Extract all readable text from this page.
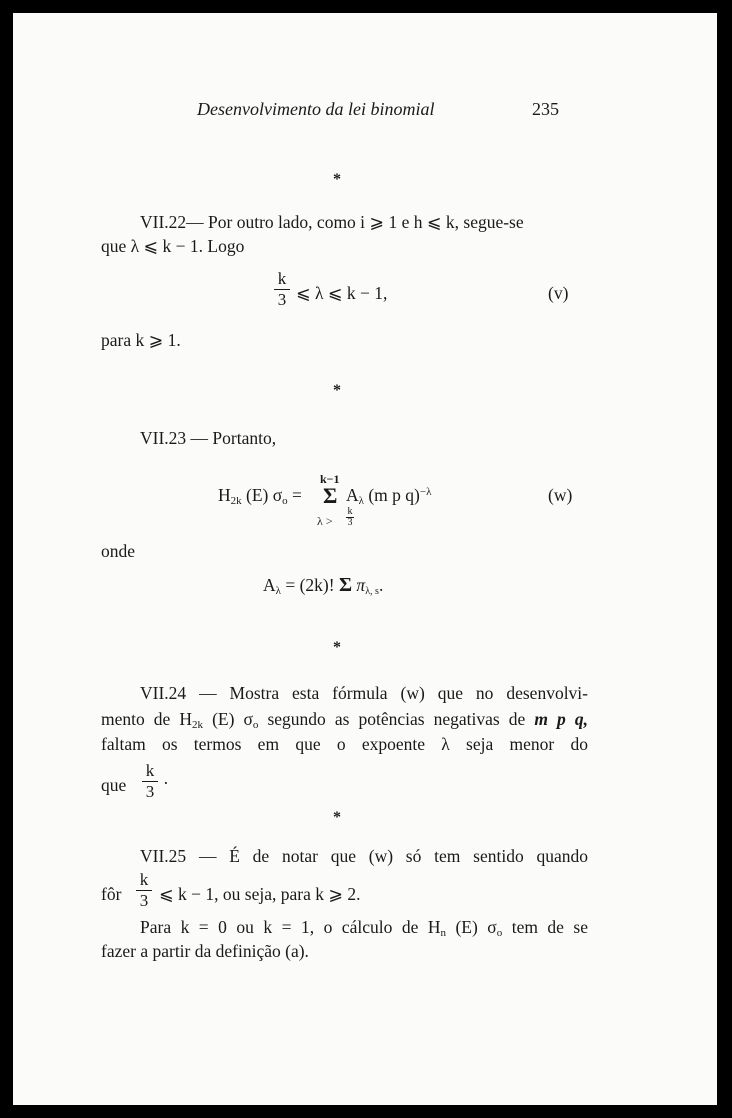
Desenvolvimento da lei binomial	235
*
VII.22— Por outro lado, como i ⩾ 1 e h ⩽ k, segue-se
que λ ⩽ k − 1. Logo
k
3 ⩽ λ ⩽ k − 1,	(v)
para k ⩾ 1.
*
VII.23 — Portanto,
k−1
$H_{2k}$ (E) $\sigma_o = \Sigma$ $A_\lambda$ (m p q)$^{-\lambda}$	(w)
λ >
k
3
onde
$A_\lambda = (2k)$! Σ $\pi_{\lambda, s}$.
*
VII.24 — Mostra esta fórmula (w) que no desenvolvi-
mento de $H_{2k}$ (E) $\sigma_o$ segundo as potências negativas de m p q,
faltam os termos em que o expoente λ seja menor do
que
k
3 ·
*
VII.25 — É de notar que (w) só tem sentido quando
fôr
k
3 ⩽ k − 1, ou seja, para k ⩾ 2.
Para k = 0 ou k = 1, o cálculo de $H_n$ (E) $\sigma_o$ tem de se
fazer a partir da definição (a).
